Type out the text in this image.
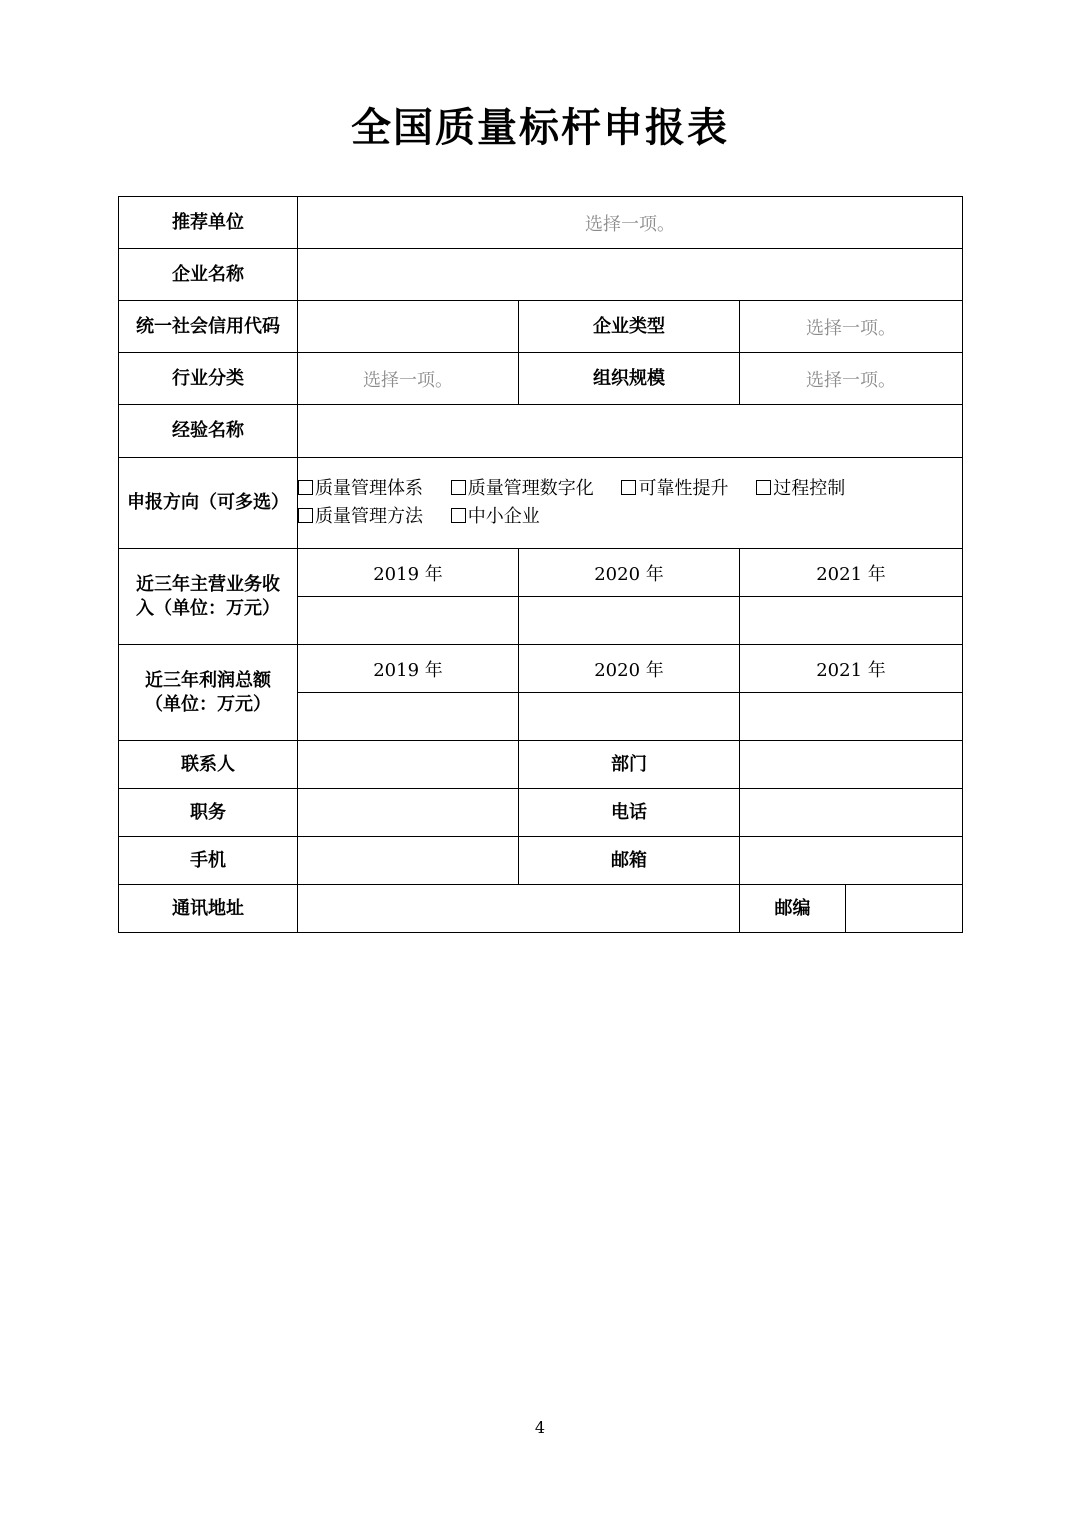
全国质量标杆申报表
推荐单位	选择一项。			
企业名称				
统一社会信用代码		企业类型	选择一项。	
行业分类	选择一项。	组织规模	选择一项。	
经验名称				
申报方向（可多选）	质量管理体系 质量管理数字化 可靠性提升 过程控制
质量管理方法 中小企业			
近三年主营业务收入（单位：万元）	2019 年	2020 年	2021 年	

近三年利润总额（单位：万元）	2019 年	2020 年	2021 年	

联系人		部门		
职务		电话		
手机		邮箱		
通讯地址			邮编	
4
